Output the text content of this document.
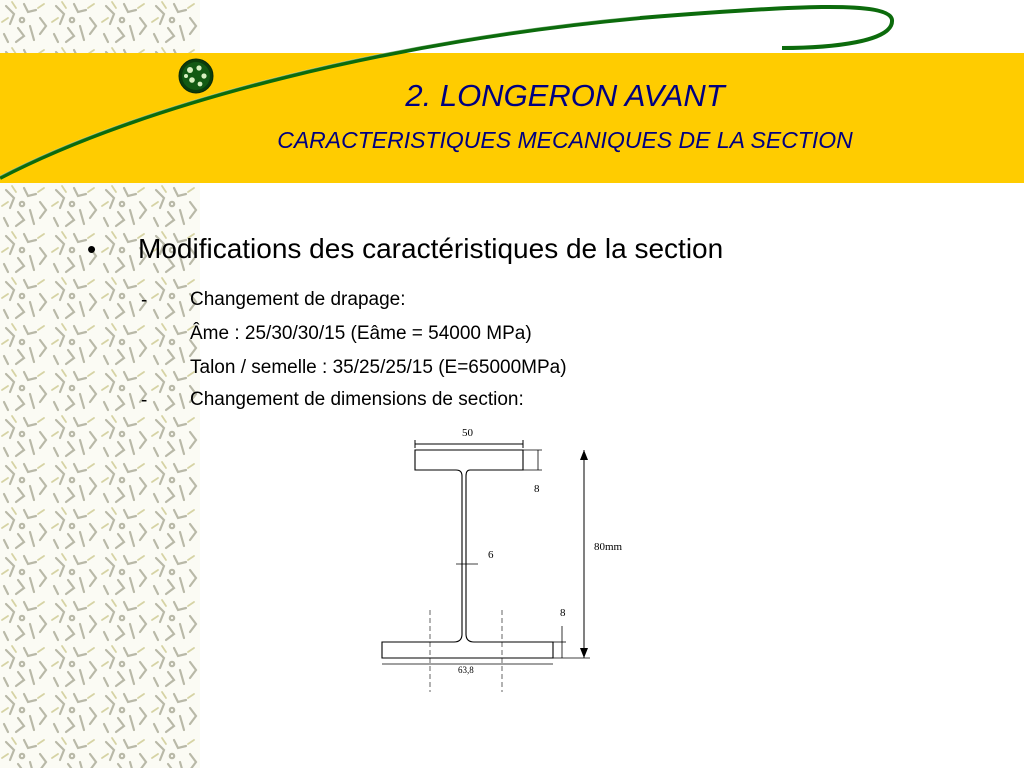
2. LONGERON AVANT
CARACTERISTIQUES MECANIQUES DE LA SECTION
• Modifications des caractéristiques de la section
- Changement de drapage:
Âme : 25/30/30/15 (Eâme = 54000 MPa)
Talon / semelle : 35/25/25/15 (E=65000MPa)
- Changement de dimensions de section:
50
8
6
80mm
8
63,8
